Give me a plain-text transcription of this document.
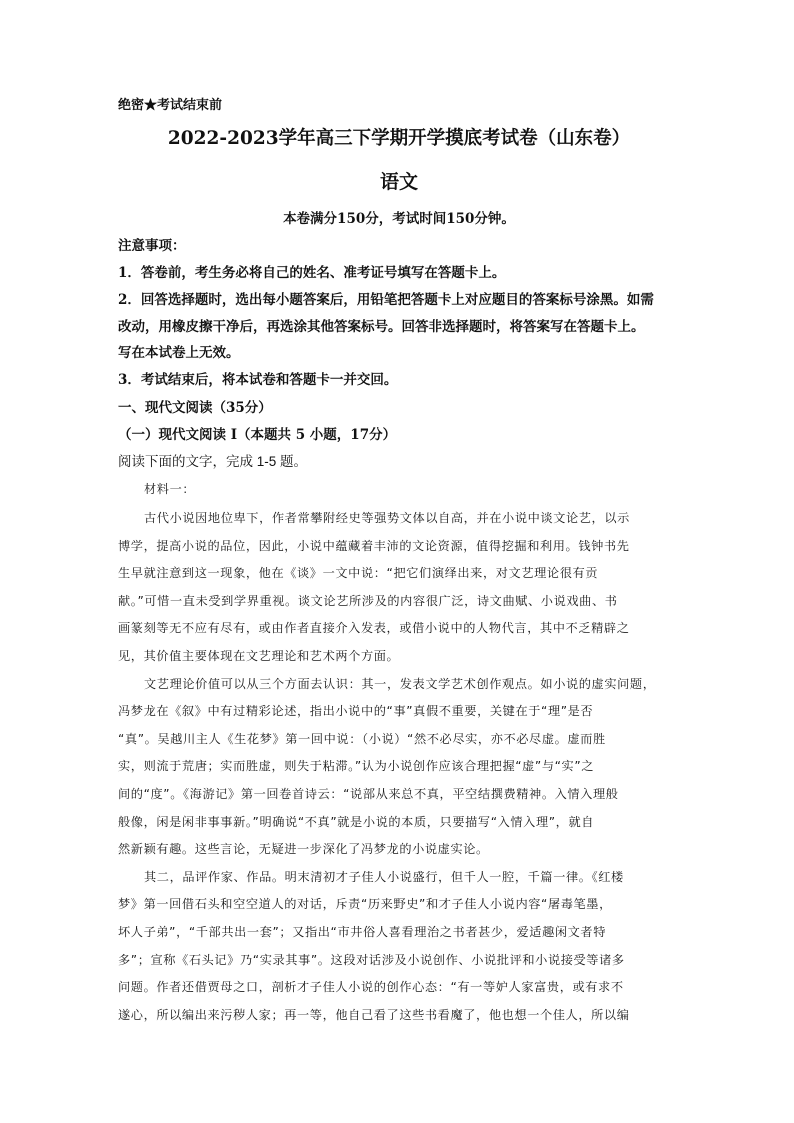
绝密★考试结束前
2022-2023学年高三下学期开学摸底考试卷（山东卷）
语文
本卷满分150分，考试时间150分钟。
注意事项：
1．答卷前，考生务必将自己的姓名、准考证号填写在答题卡上。
2．回答选择题时，选出每小题答案后，用铅笔把答题卡上对应题目的答案标号涂黑。如需
改动，用橡皮擦干净后，再选涂其他答案标号。回答非选择题时，将答案写在答题卡上。
写在本试卷上无效。
3．考试结束后，将本试卷和答题卡一并交回。
一、现代文阅读（35分）
（一）现代文阅读 I（本题共 5 小题，17分）
阅读下面的文字，完成 1-5 题。
材料一：
古代小说因地位卑下，作者常攀附经史等强势文体以自高，并在小说中谈文论艺，以示
博学，提高小说的品位，因此，小说中蕴藏着丰沛的文论资源，值得挖掘和利用。钱钟书先
生早就注意到这一现象，他在《谈》一文中说：“把它们演绎出来，对文艺理论很有贡
献。”可惜一直未受到学界重视。谈文论艺所涉及的内容很广泛，诗文曲赋、小说戏曲、书
画篆刻等无不应有尽有，或由作者直接介入发表，或借小说中的人物代言，其中不乏精辟之
见，其价值主要体现在文艺理论和艺术两个方面。
文艺理论价值可以从三个方面去认识：其一，发表文学艺术创作观点。如小说的虚实问题，
冯梦龙在《叙》中有过精彩论述，指出小说中的“事”真假不重要，关键在于“理”是否
“真”。吴越川主人《生花梦》第一回中说：（小说）“然不必尽实，亦不必尽虚。虚而胜
实，则流于荒唐；实而胜虚，则失于粘滞。”认为小说创作应该合理把握“虚”与“实”之
间的“度”。《海游记》第一回卷首诗云：“说部从来总不真，平空结撰费精神。入情入理般
般像，闲是闲非事事新。”明确说“不真”就是小说的本质，只要描写“入情入理”，就自
然新颖有趣。这些言论，无疑进一步深化了冯梦龙的小说虚实论。
其二，品评作家、作品。明末清初才子佳人小说盛行，但千人一腔，千篇一律。《红楼
梦》第一回借石头和空空道人的对话，斥责“历来野史”和才子佳人小说内容“屠毒笔墨，
坏人子弟”，“千部共出一套”；又指出“市井俗人喜看理治之书者甚少，爱适趣闲文者特
多”；宣称《石头记》乃“实录其事”。这段对话涉及小说创作、小说批评和小说接受等诸多
问题。作者还借贾母之口，剖析才子佳人小说的创作心态：“有一等妒人家富贵，或有求不
遂心，所以编出来污秽人家；再一等，他自己看了这些书看魔了，他也想一个佳人，所以编
